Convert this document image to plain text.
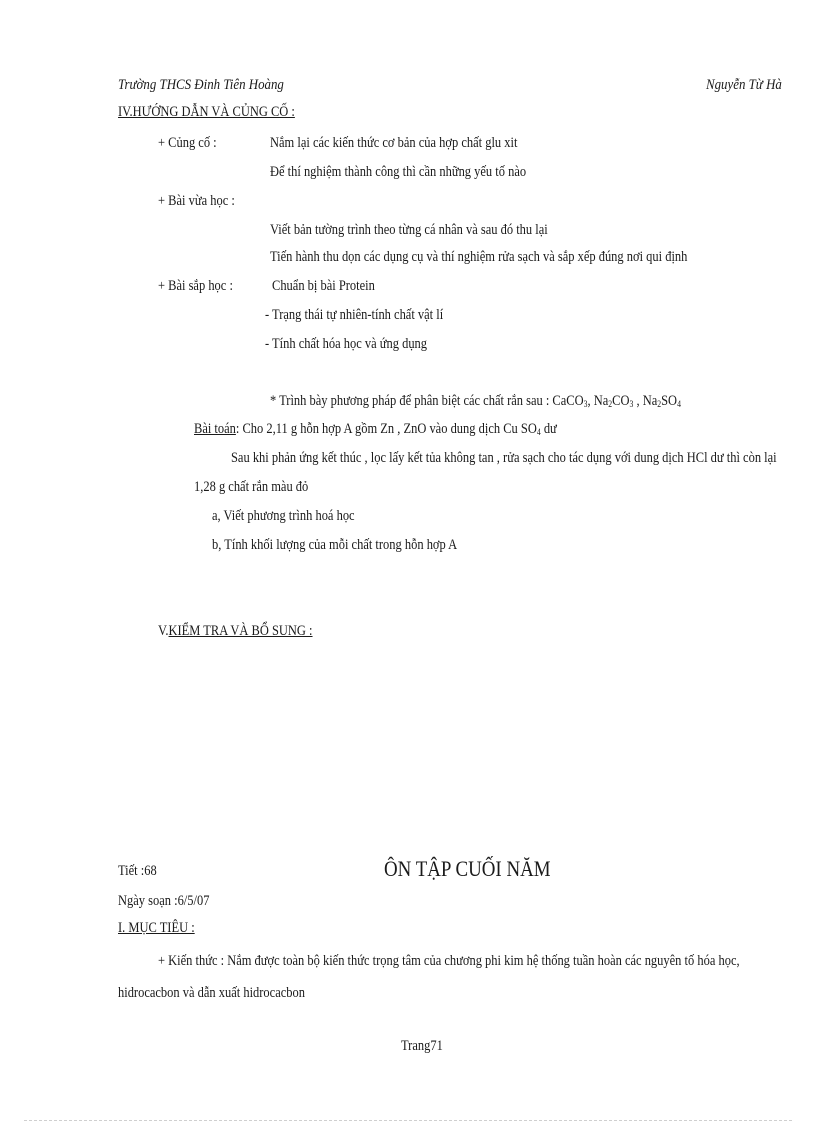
Trường THCS Đinh Tiên Hoàng	Nguyễn Từ Hà
IV.HƯỚNG DẪN VÀ CỦNG CỐ :
+ Củng cố :	Nắm lại các kiến thức cơ bản của hợp chất glu xit
Để thí nghiệm thành công thì cần những yếu tố nào
+ Bài vừa học :
Viết bản tường trình theo từng cá nhân và sau đó thu lại
Tiến hành thu dọn các dụng cụ và thí nghiệm rửa sạch và sắp xếp đúng nơi qui định
+ Bài sắp học :	Chuẩn bị bài Protein
- Trạng thái tự nhiên-tính chất vật lí
- Tính chất hóa học và ứng dụng
* Trình bày phương pháp để phân biệt các chất rắn sau : CaCO$_3$, $Na_2CO_3$ , $Na_2SO_4$
Bài toán: Cho 2,11 g hỗn hợp A gồm Zn , ZnO vào dung dịch Cu $SO_4$ dư
Sau khi phản ứng kết thúc , lọc lấy kết tủa không tan , rửa sạch cho tác dụng với dung dịch HCl dư thì còn lại
1,28 g chất rắn màu đỏ
a, Viết phương trình hoá học
b, Tính khối lượng của mỗi chất trong hỗn hợp A
V.KIỂM TRA VÀ BỔ SUNG :
Tiết :68	ÔN TẬP CUỐI NĂM
Ngày soạn :6/5/07
I. MỤC TIÊU :
+ Kiến thức : Nắm được toàn bộ kiến thức trọng tâm của chương phi kim hệ thống tuần hoàn các nguyên tố hóa học,
hidrocacbon và dẫn xuất hidrocacbon
Trang71
